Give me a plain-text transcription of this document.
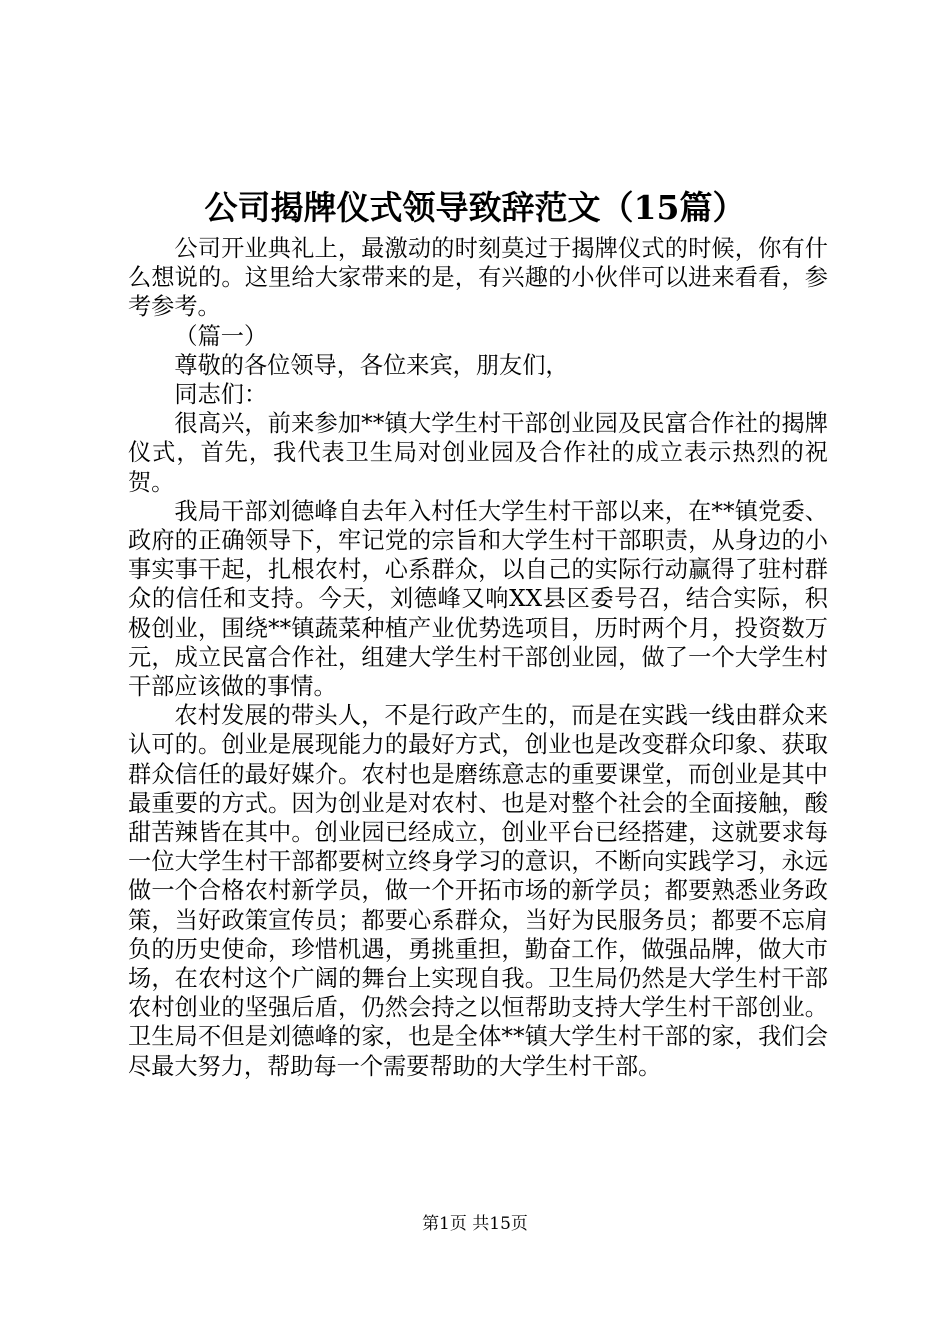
公司揭牌仪式领导致辞范文（15篇）

公司开业典礼上，最激动的时刻莫过于揭牌仪式的时候，你有什么想说的。这里给大家带来的是，有兴趣的小伙伴可以进来看看，参考参考。

（篇一）

尊敬的各位领导，各位来宾，朋友们，

同志们：

很高兴，前来参加**镇大学生村干部创业园及民富合作社的揭牌仪式，首先，我代表卫生局对创业园及合作社的成立表示热烈的祝贺。

我局干部刘德峰自去年入村任大学生村干部以来，在**镇党委、政府的正确领导下，牢记党的宗旨和大学生村干部职责，从身边的小事实事干起，扎根农村，心系群众，以自己的实际行动赢得了驻村群众的信任和支持。今天，刘德峰又响XX县区委号召，结合实际，积极创业，围绕**镇蔬菜种植产业优势选项目，历时两个月，投资数万元，成立民富合作社，组建大学生村干部创业园，做了一个大学生村干部应该做的事情。

农村发展的带头人，不是行政产生的，而是在实践一线由群众来认可的。创业是展现能力的最好方式，创业也是改变群众印象、获取群众信任的最好媒介。农村也是磨练意志的重要课堂，而创业是其中最重要的方式。因为创业是对农村、也是对整个社会的全面接触，酸甜苦辣皆在其中。创业园已经成立，创业平台已经搭建，这就要求每一位大学生村干部都要树立终身学习的意识，不断向实践学习，永远做一个合格农村新学员，做一个开拓市场的新学员；都要熟悉业务政策，当好政策宣传员；都要心系群众，当好为民服务员；都要不忘肩负的历史使命，珍惜机遇，勇挑重担，勤奋工作，做强品牌，做大市场，在农村这个广阔的舞台上实现自我。卫生局仍然是大学生村干部农村创业的坚强后盾，仍然会持之以恒帮助支持大学生村干部创业。卫生局不但是刘德峰的家，也是全体**镇大学生村干部的家，我们会尽最大努力，帮助每一个需要帮助的大学生村干部。

第1页 共15页
